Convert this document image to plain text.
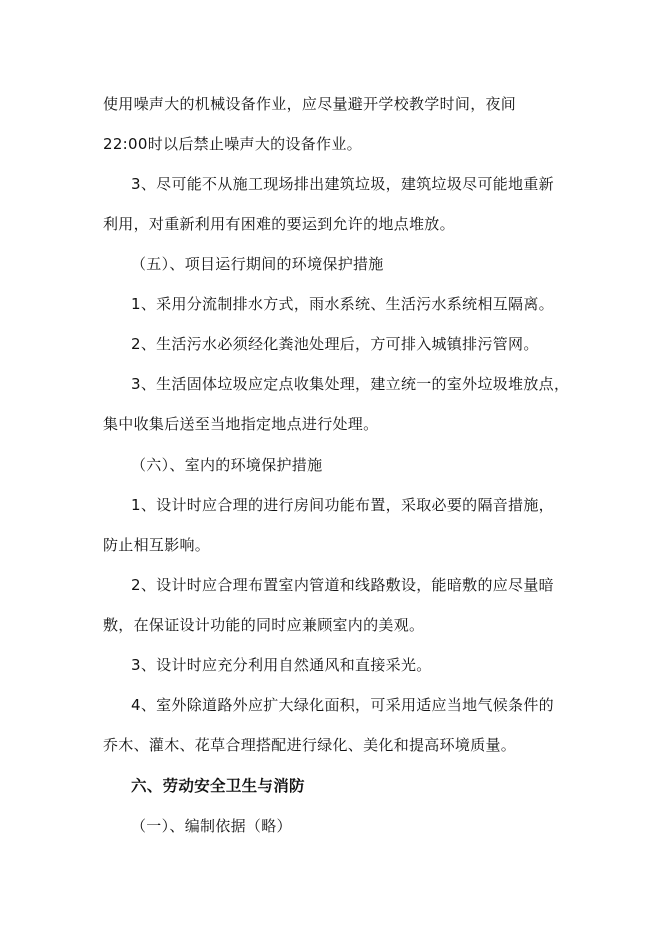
使用噪声大的机械设备作业，应尽量避开学校教学时间，夜间
22:00时以后禁止噪声大的设备作业。
3、尽可能不从施工现场排出建筑垃圾，建筑垃圾尽可能地重新
利用，对重新利用有困难的要运到允许的地点堆放。
（五）、项目运行期间的环境保护措施
1、采用分流制排水方式，雨水系统、生活污水系统相互隔离。
2、生活污水必须经化粪池处理后，方可排入城镇排污管网。
3、生活固体垃圾应定点收集处理，建立统一的室外垃圾堆放点，
集中收集后送至当地指定地点进行处理。
（六）、室内的环境保护措施
1、设计时应合理的进行房间功能布置，采取必要的隔音措施，
防止相互影响。
2、设计时应合理布置室内管道和线路敷设，能暗敷的应尽量暗
敷，在保证设计功能的同时应兼顾室内的美观。
3、设计时应充分利用自然通风和直接采光。
4、室外除道路外应扩大绿化面积，可采用适应当地气候条件的
乔木、灌木、花草合理搭配进行绿化、美化和提高环境质量。
六、劳动安全卫生与消防
（一）、编制依据（略）
